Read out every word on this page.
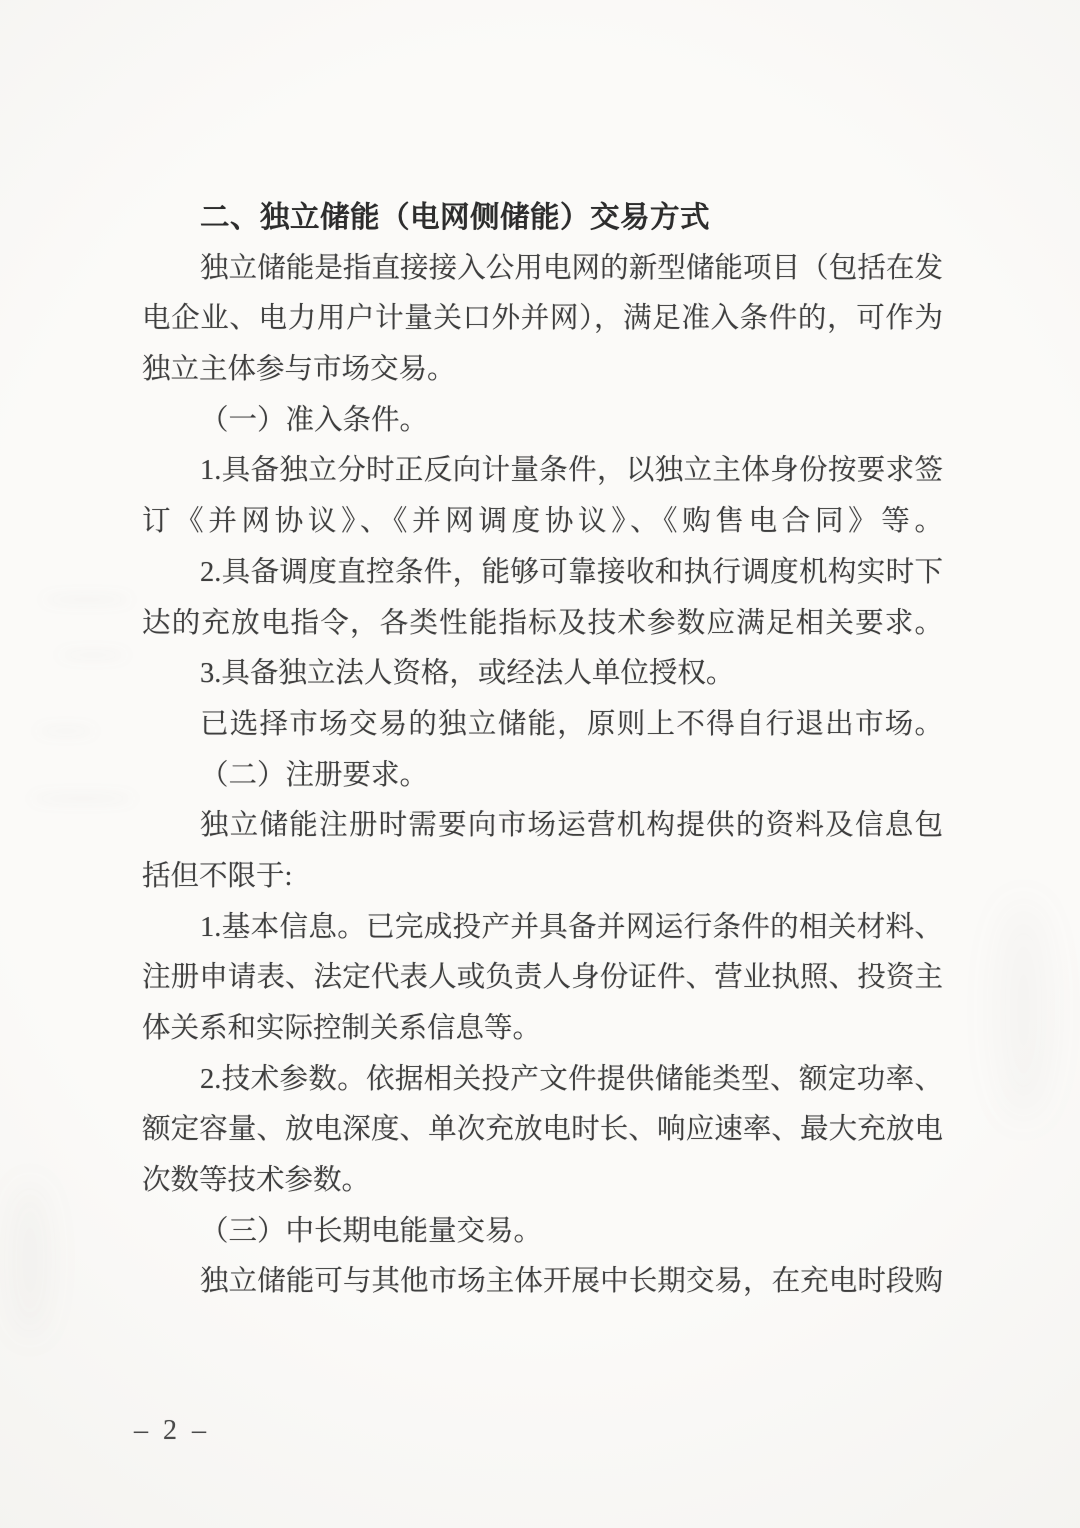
二、独立储能（电网侧储能）交易方式
独立储能是指直接接入公用电网的新型储能项目（包括在发
电企业、电力用户计量关口外并网），满足准入条件的，可作为
独立主体参与市场交易。
（一）准入条件。
1.具备独立分时正反向计量条件，以独立主体身份按要求签
订《并网协议》、《并网调度协议》、《购售电合同》等。
2.具备调度直控条件，能够可靠接收和执行调度机构实时下
达的充放电指令，各类性能指标及技术参数应满足相关要求。
3.具备独立法人资格，或经法人单位授权。
已选择市场交易的独立储能，原则上不得自行退出市场。
（二）注册要求。
独立储能注册时需要向市场运营机构提供的资料及信息包
括但不限于:
1.基本信息。已完成投产并具备并网运行条件的相关材料、
注册申请表、法定代表人或负责人身份证件、营业执照、投资主
体关系和实际控制关系信息等。
2.技术参数。依据相关投产文件提供储能类型、额定功率、
额定容量、放电深度、单次充放电时长、响应速率、最大充放电
次数等技术参数。
（三）中长期电能量交易。
独立储能可与其他市场主体开展中长期交易，在充电时段购
– 2 –
